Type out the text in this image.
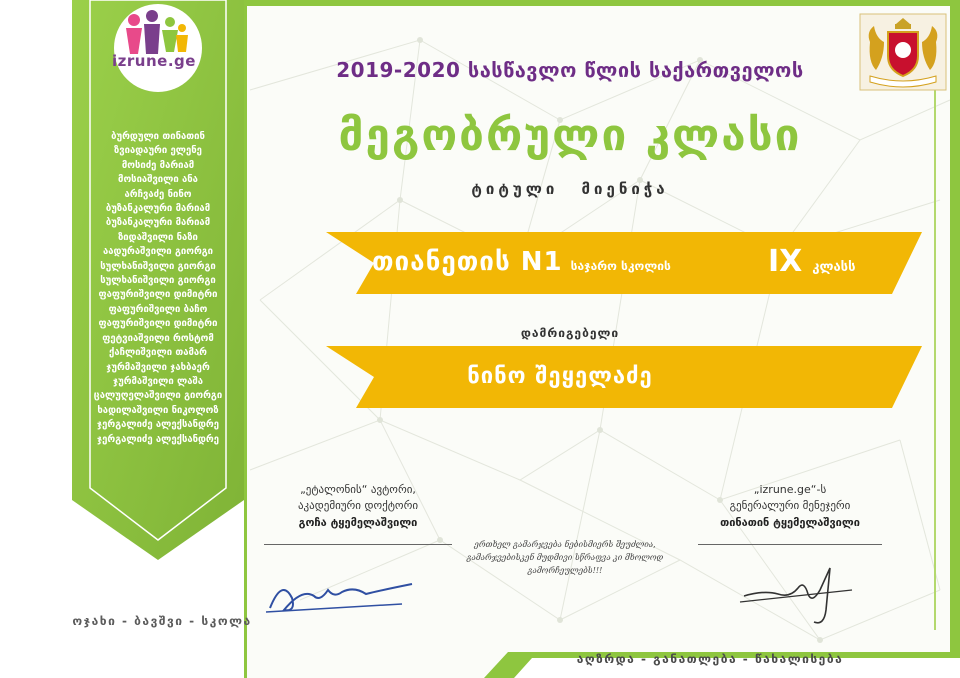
izrune.ge
ბურდული თინათინ
ზვიადაური ელენე
მოსიძე მარიამ
მოსიაშვილი ანა
არჩვაძე ნინო
ბუზანკალური მარიამ
ბუზანკალური მარიამ
ზიდაშვილი ნაზი
აადურაშვილი გიორგი
სულხანიშვილი გიორგი
სულხანიშვილი გიორგი
ფაფურიშვილი დიმიტრი
ფაფურიშვილი ბაჩო
ფაფურიშვილი დიმიტრი
ფეტვიაშვილი როსტომ
ქაჩლიშვილი თამარ
ჯურმაშვილი ჯახბაერ
ჯურმაშვილი ლაშა
ცალუღელაშვილი გიორგი
ხადილაშვილი ნიკოლოზ
ჯერგალიძე ალექსანდრე
ჯერგალიძე ალექსანდრე
ოჯახი - ბავშვი - სკოლა
2019-2020 სასწავლო წლის საქართველოს
მეგობრული კლასი
ტიტული მიენიჭა
თიანეთის N1 საჯარო სკოლის	IX კლასს
დამრიგებელი
ნინო შეყელაძე
„ეტალონის“ ავტორი,
აკადემიური დოქტორი
გოჩა ტყემელაშვილი
„izrune.ge“-ს
გენერალური მენეჯერი
თინათინ ტყემელაშვილი
ერთხელ გამარჯვება ნებისმიერს შეუძლია,
გამარჯვებისკენ მუდმივი სწრაფვა კი მხოლოდ გამორჩეულებს!!!
აღზრდა - განათლება - წახალისება
